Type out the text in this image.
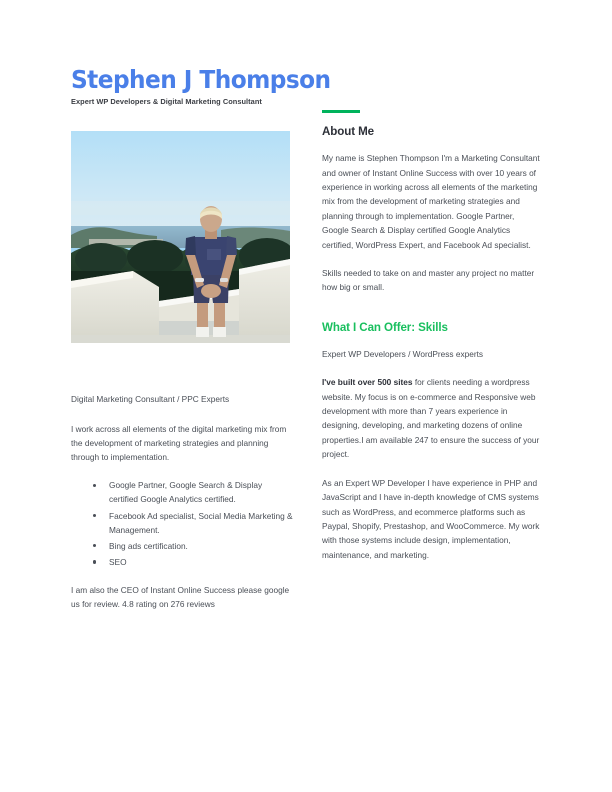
Stephen J Thompson
Expert WP Developers & Digital Marketing Consultant

Digital Marketing Consultant / PPC Experts

I work across all elements of the digital marketing mix from the development of marketing strategies and planning through to implementation.

Google Partner, Google Search & Display certified Google Analytics certified.
Facebook Ad specialist, Social Media Marketing & Management.
Bing ads certification.
SEO

I am also the CEO of Instant Online Success please google us for review. 4.8 rating on 276 reviews

About Me

My name is Stephen Thompson I'm a Marketing Consultant and owner of Instant Online Success with over 10 years of experience in working across all elements of the marketing mix from the development of marketing strategies and planning through to implementation. Google Partner, Google Search & Display certified Google Analytics certified, WordPress Expert, and Facebook Ad specialist.

Skills needed to take on and master any project no matter how big or small.

What I Can Offer: Skills

Expert WP Developers / WordPress experts

I've built over 500 sites for clients needing a wordpress website. My focus is on e-commerce and Responsive web development with more than 7 years experience in designing, developing, and marketing dozens of online properties.I am available 247 to ensure the success of your project.

As an Expert WP Developer I have experience in PHP and JavaScript and I have in-depth knowledge of CMS systems such as WordPress, and ecommerce platforms such as Paypal, Shopify, Prestashop, and WooCommerce. My work with those systems include design, implementation, maintenance, and marketing.
